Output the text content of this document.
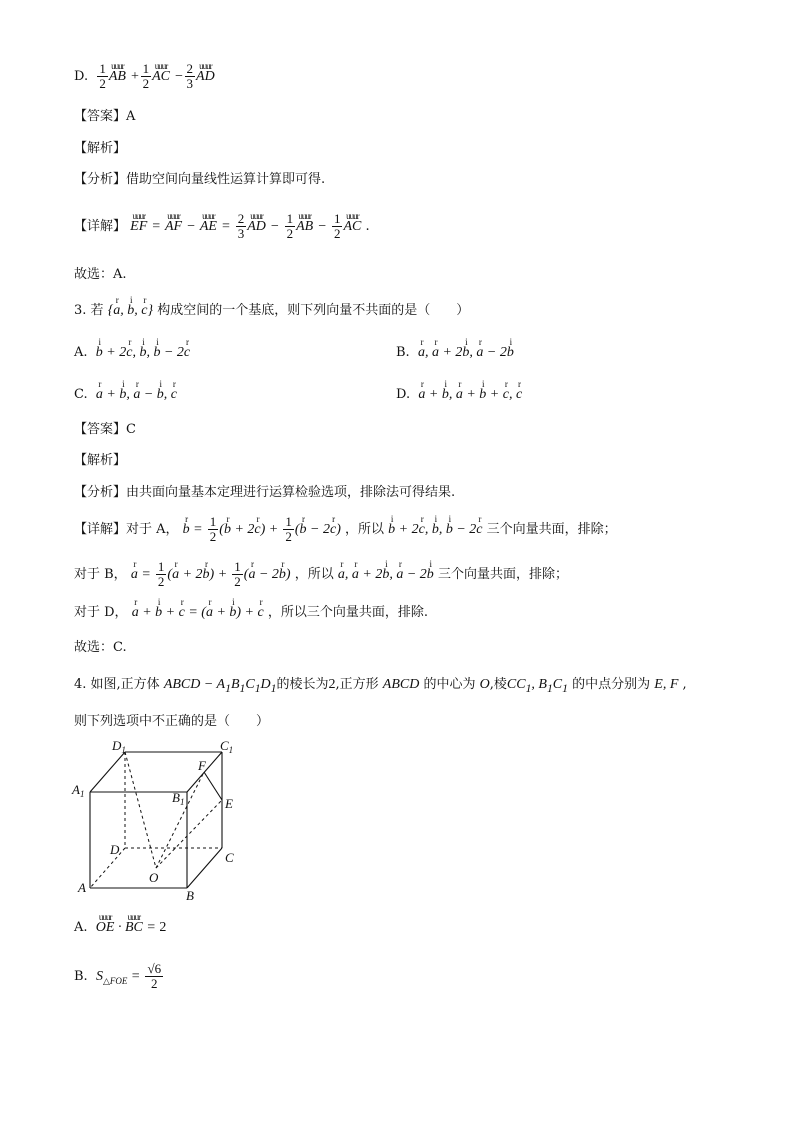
D. $\frac{1}{2}$ uuur AB + $\frac{1}{2}$ uuur AC − $\frac{2}{3}$ uuur AD
【答案】A
【解析】
【分析】借助空间向量线性运算计算即可得.
【详解】 uuur EF = uuur AF − uuur AE = $\frac{2}{3}$ uuur AD − $\frac{1}{2}$ uuur AB − $\frac{1}{2}$ uuur AC .
故选：A.
3. 若 {r a, i b, r c} 构成空间的一个基底，则下列向量不共面的是（　　）
A. i b + 2r c, i b, i b − 2r c	B. r a, r a + 2i b, r a − 2i b
C. r a + i b, r a − i b, r c	D. r a + i b, r a + i b + r c, r c
【答案】C
【解析】
【分析】由共面向量基本定理进行运算检验选项，排除法可得结果.
【详解】对于 A， r $b = \frac{1}{2} (r$ b + 2r $c) + \frac{1}{2} (r$ b − 2r c) ，所以 i b + 2r c, i b, i b − 2r c 三个向量共面，排除；
对于 B， r $a = \frac{1}{2} (r$ a + 2r $b) + \frac{1}{2} (r$ a − 2r b) ，所以 r a, r a + 2i b, r a − 2i b 三个向量共面，排除；
对于 D， r a + i b + r c = (r a + i b) + r c ，所以三个向量共面，排除.
故选：C.
4. 如图,正方体 ABCD − $A_1B_1C_1D_1$的棱长为2,正方形 ABCD 的中心为 O,棱$CC_1$, $B_1C_1$ 的中点分别为 E, F ,
则下列选项中不正确的是（　　）
$D_1$	$C_1$
$A_1$	$B_1$
F
E
D
C
A
B
O
A. uuur OE · uuur BC = 2
B. $S_{\triangle FOE} = \frac{√6}{2}$
